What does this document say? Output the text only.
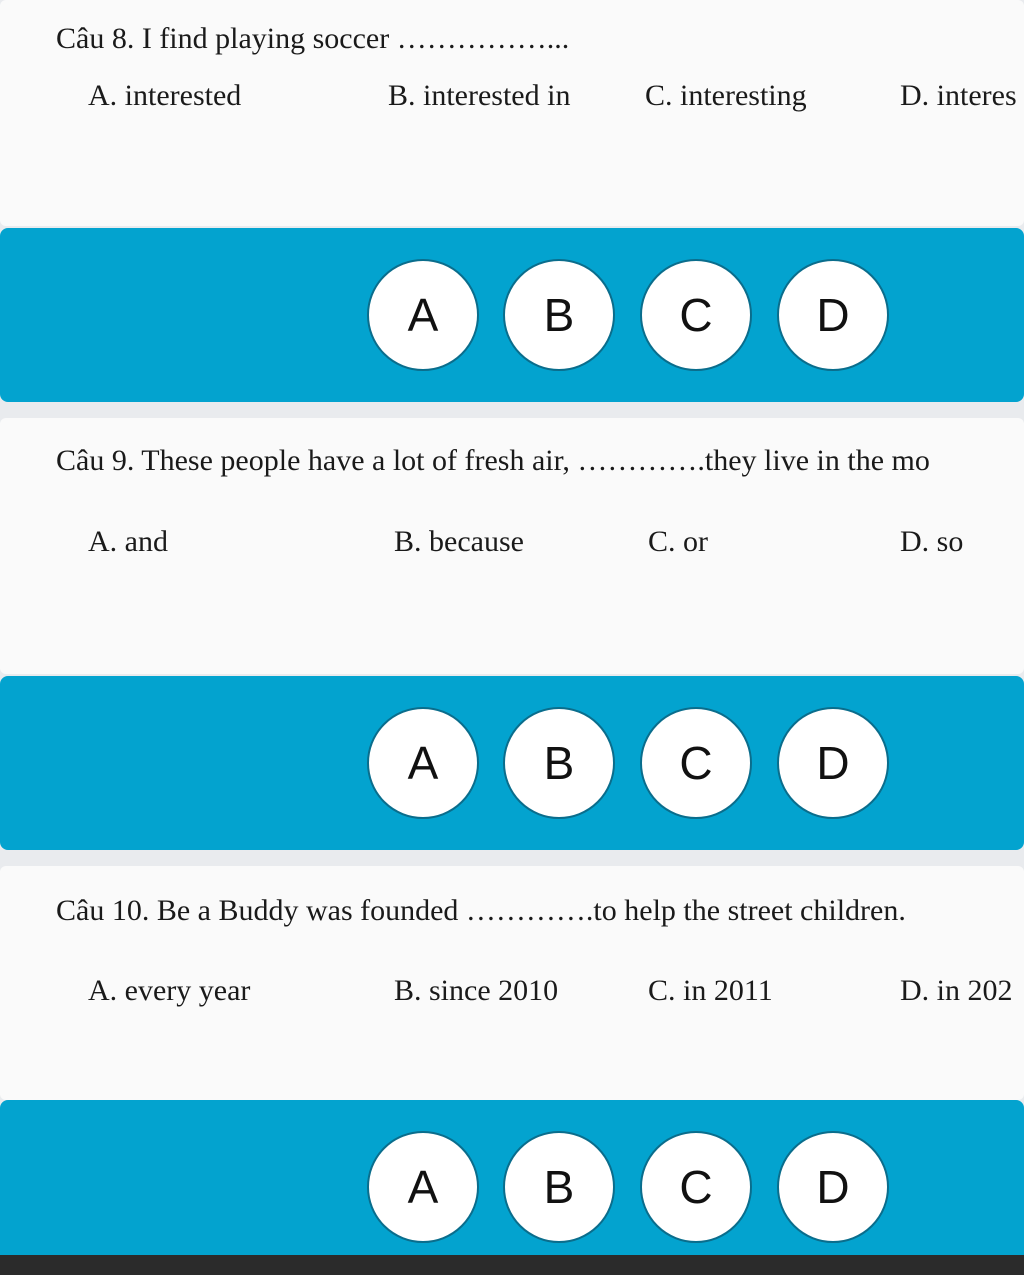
Câu 8. I find playing soccer ……………...
A. interested	B. interested in C. interesting	D. interes
A	B	C	D
Câu 9. These people have a lot of fresh air, ………….they live in the mo
A. and	B. because	C. or	D. so
A	B	C	D
Câu 10. Be a Buddy was founded ………….to help the street children.
A. every year	B. since 2010	C. in 2011	D. in 202
A	B	C	D
